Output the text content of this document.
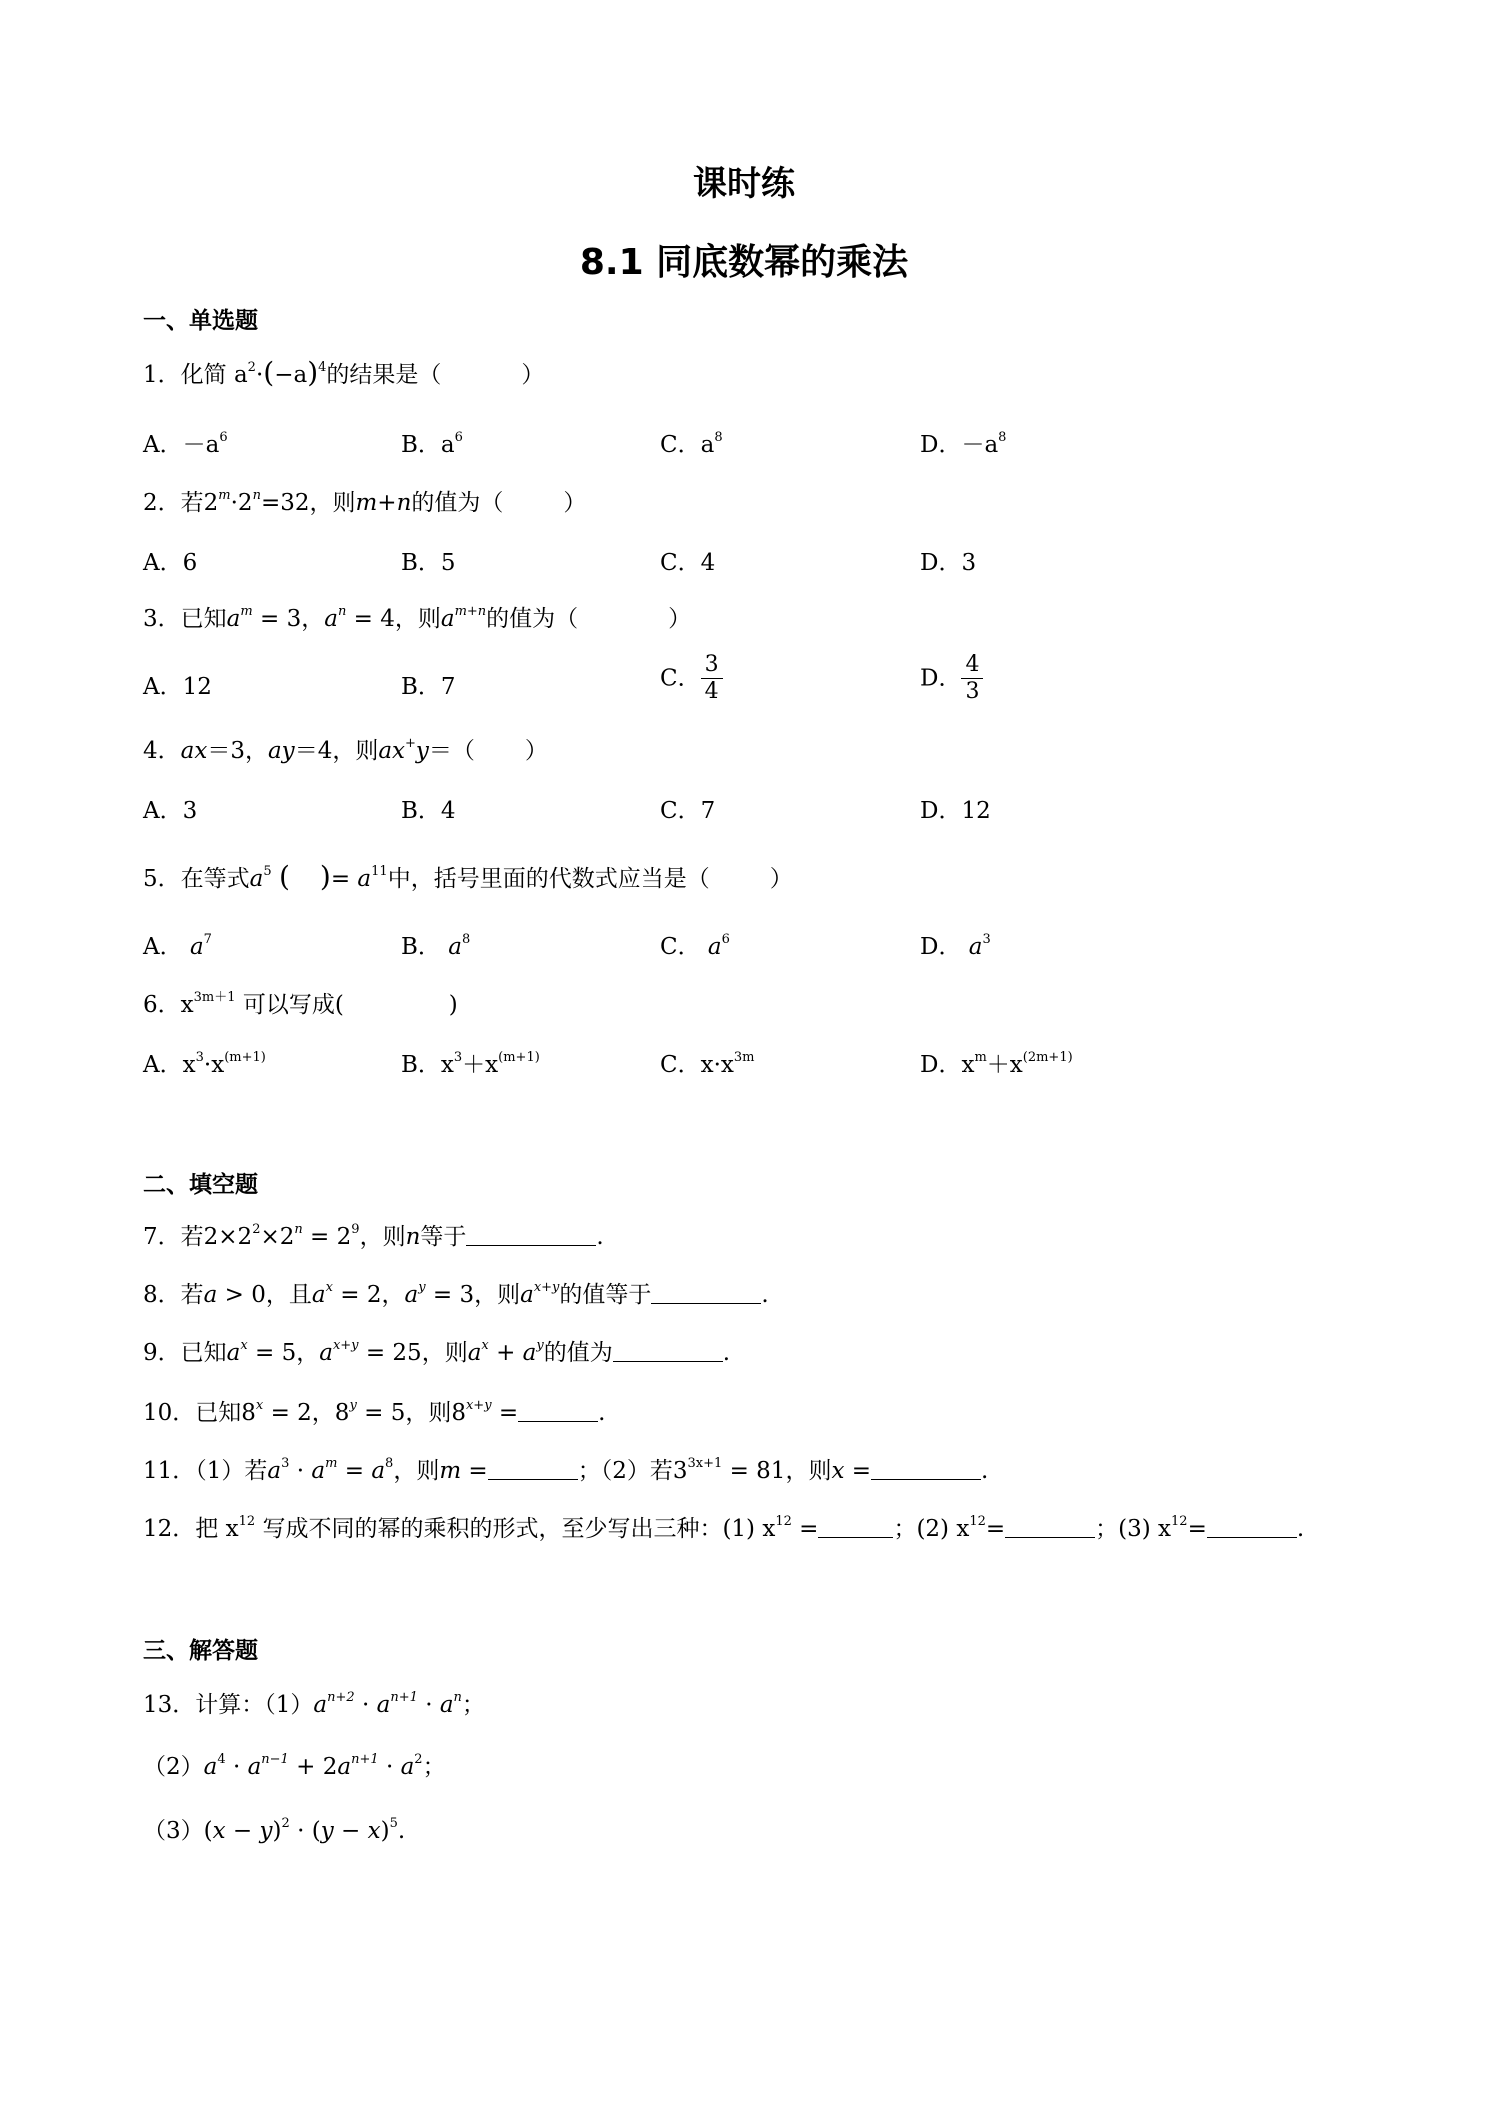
课时练
8.1 同底数幂的乘法
一、单选题
1．化简 $a^2\cdot(-a)^4$的结果是（	）
A．$-a^6$	B．$a^6$	C．$a^8$	D．$-a^8$
2．若$2^m\cdot 2^n=32$，则m+n的值为（	）
A．6	B．5	C．4	D．3
3．已知$a^m = 3$，$a^n = 4$，则$a^{m+n}$的值为（	）
A．12	B．7	C． $\frac{3}{4}$	D． $\frac{4}{3}$
4．ax＝3，ay＝4，则ax+y＝（ ）
A．3	B．4	C．7	D．12
5．在等式$a^5$ ( )= $a^{11}$中，括号里面的代数式应当是（	）
A． $a^7$	B． $a^8$	C． $a^6$	D． $a^3$
6．$x^{3m+1}$ 可以写成(	)
A．$x^3\cdot x^{(m+1)}$	B．$x^3+x^{(m+1)}$	C．$x\cdot x^{3m}$	D．$x^m+x^{(2m+1)}$
二、填空题
7．若$2\times 2^2\times 2^n = 2^9$，则n等于	.
8．若a > 0，且$a^x = 2$，$a^y = 3$，则$a^{x+y}$的值等于	.
9．已知$a^x = 5$，$a^{x+y} = 25$，则$a^x + a^y$的值为	.
10．已知$8^x = 2$，$8^y = 5$，则$8^{x+y}$ =	.
11．（1）若$a^3 \cdot a^m = a^8$，则m =	；（2）若$3^{3x+1} = 81$，则x =	.
12．把 $x^{12}$ 写成不同的幂的乘积的形式，至少写出三种：(1) $x^{12}$ =	；(2) $x^{12}=$	；(3) $x^{12}=$	.
三、解答题
13．计算：$(1)a^{n+2} \cdot a^{n+1} \cdot a^n$；
$(2)a^4 \cdot a^{n-1} + 2a^{n+1} \cdot a^2$；
$(3)(x - y)^2 \cdot (y - x)^5$.
